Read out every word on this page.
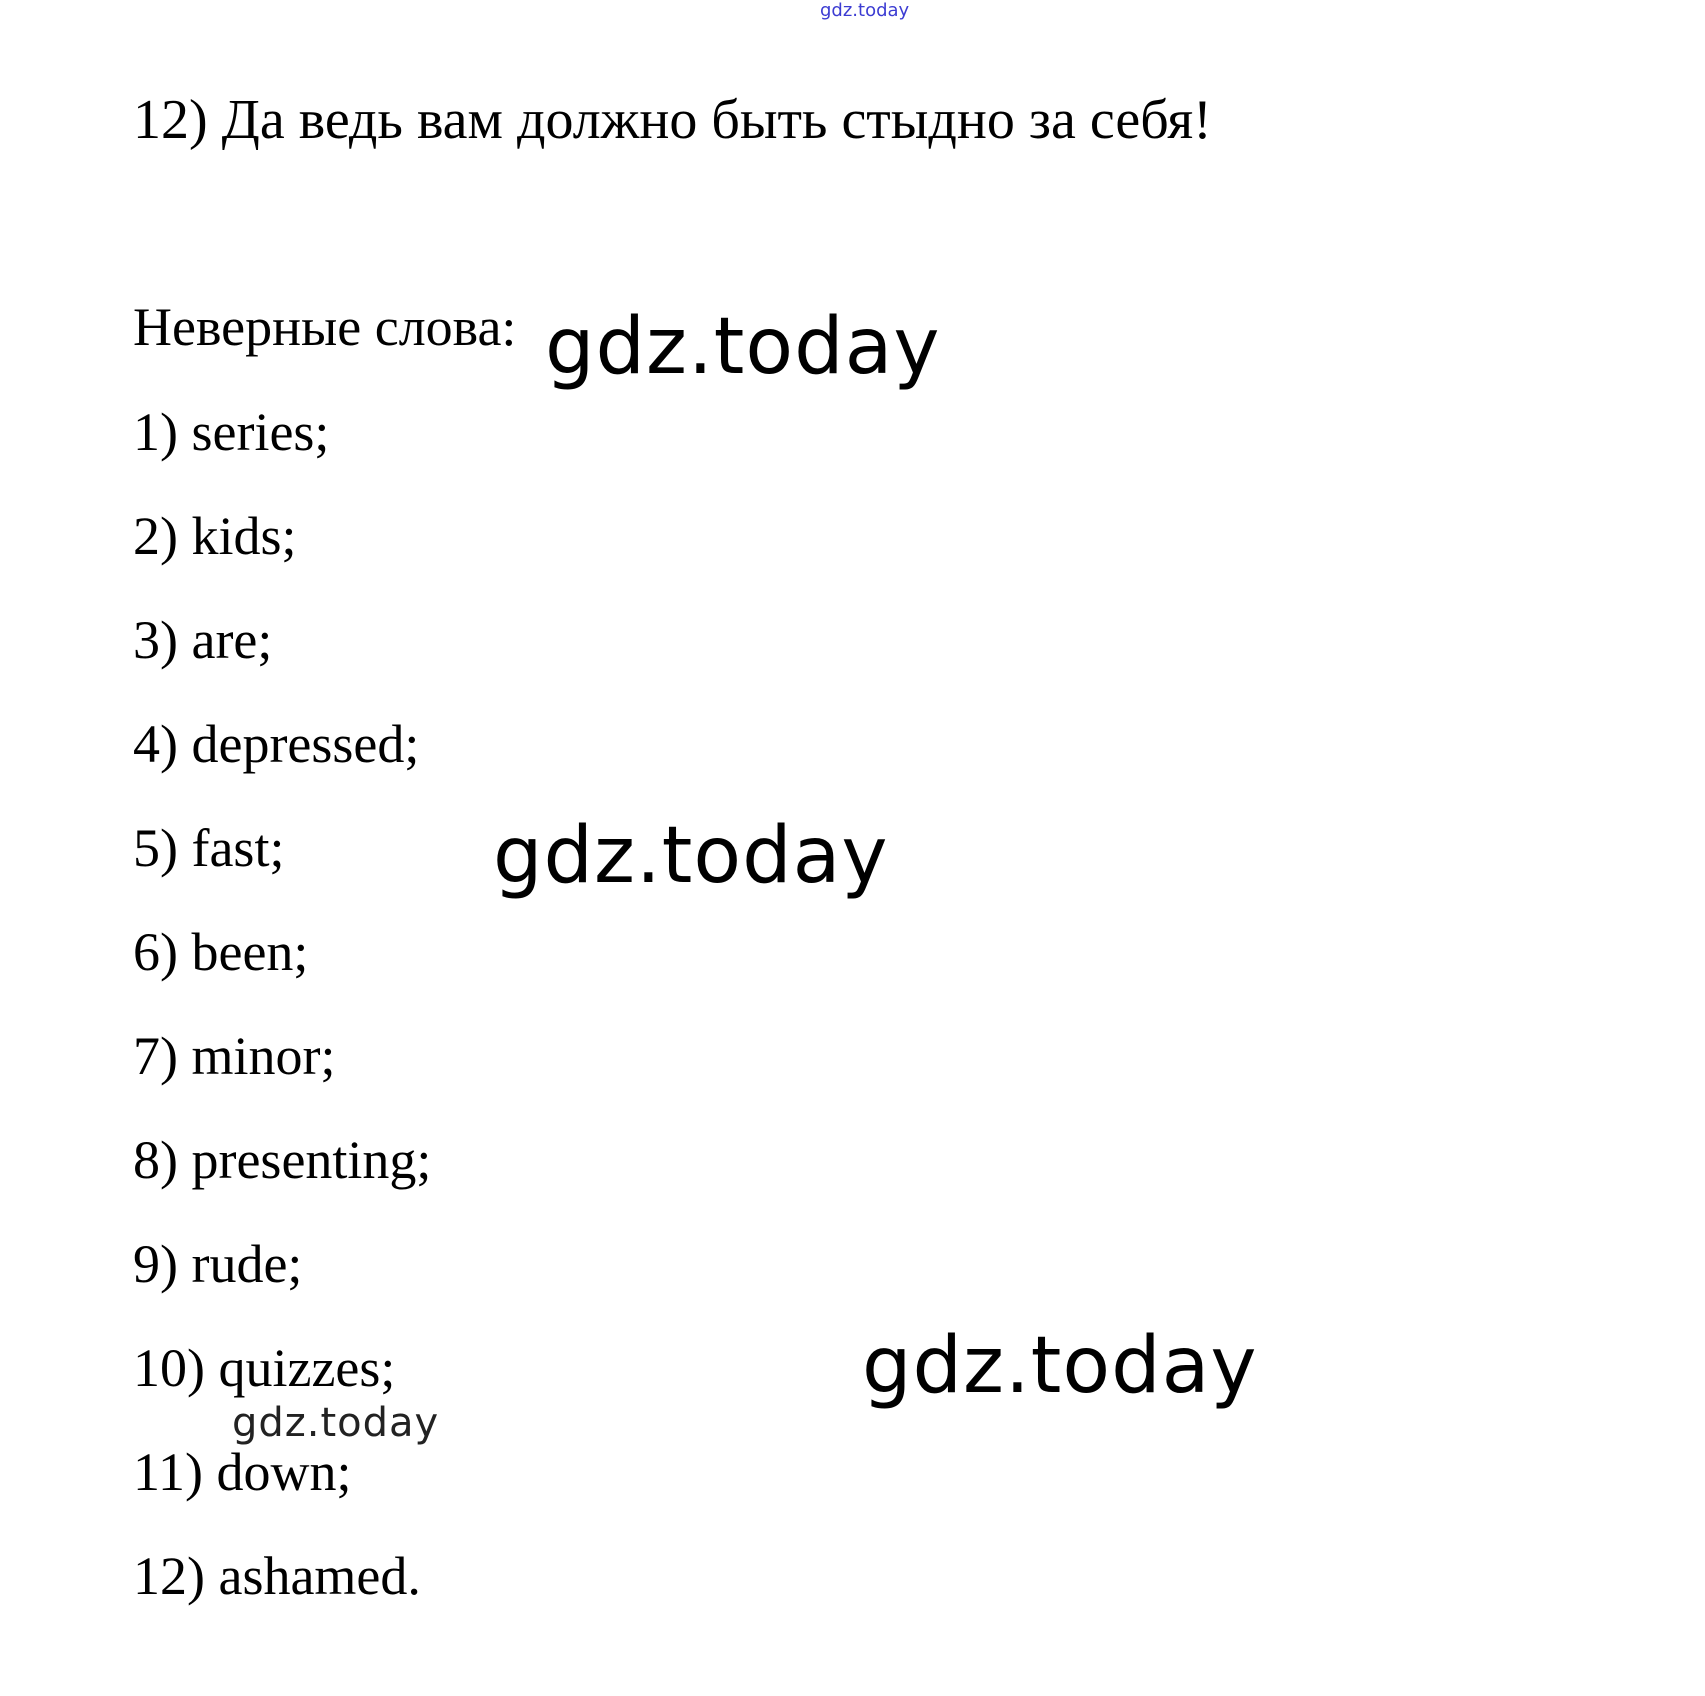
gdz.today
12) Да ведь вам должно быть стыдно за себя!
Неверные слова:
1) series;
2) kids;
3) are;
4) depressed;
5) fast;
6) been;
7) minor;
8) presenting;
9) rude;
10) quizzes;
11) down;
12) ashamed.
gdz.today
gdz.today
gdz.today
gdz.today
